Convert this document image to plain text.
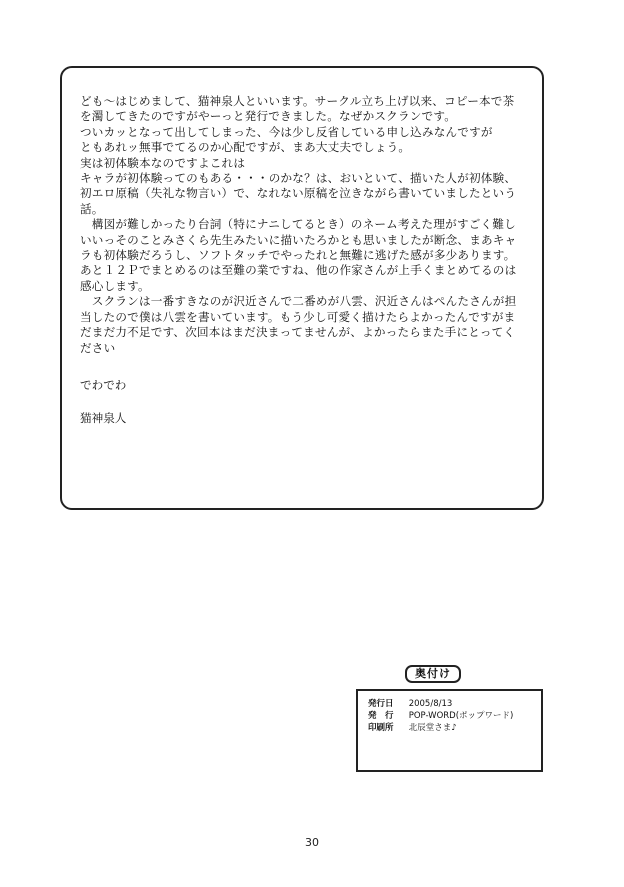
ども～はじめまして、猫神泉人といいます。サークル立ち上げ以来、コピー本で茶を濁してきたのですがやーっと発行できました。なぜかスクランです。

ついカッとなって出してしまった、今は少し反省している申し込みなんですが

ともあれッ無事でてるのか心配ですが、まあ大丈夫でしょう。

実は初体験本なのですよこれは

キャラが初体験ってのもある・・・のかな？は、おいといて、描いた人が初体験、初エロ原稿（失礼な物言い）で、なれない原稿を泣きながら書いていましたという話。

　構図が難しかったり台詞（特にナニしてるとき）のネーム考えた理がすごく難しいいっそのことみさくら先生みたいに描いたろかとも思いましたが断念、まあキャラも初体験だろうし、ソフトタッチでやったれと無難に逃げた感が多少あります。

あと１２Ｐでまとめるのは至難の業ですね、他の作家さんが上手くまとめてるのは感心します。

　スクランは一番すきなのが沢近さんで二番めが八雲、沢近さんはぺんたさんが担当したので僕は八雲を書いています。もう少し可愛く描けたらよかったんですがまだまだ力不足です、次回本はまだ決まってませんが、よかったらまた手にとってください

でわでわ

猫神泉人

奥付け
発行日 2005/8/13
発　行 POP-WORD(ポップワード)
印刷所 北辰堂さま♪
30
